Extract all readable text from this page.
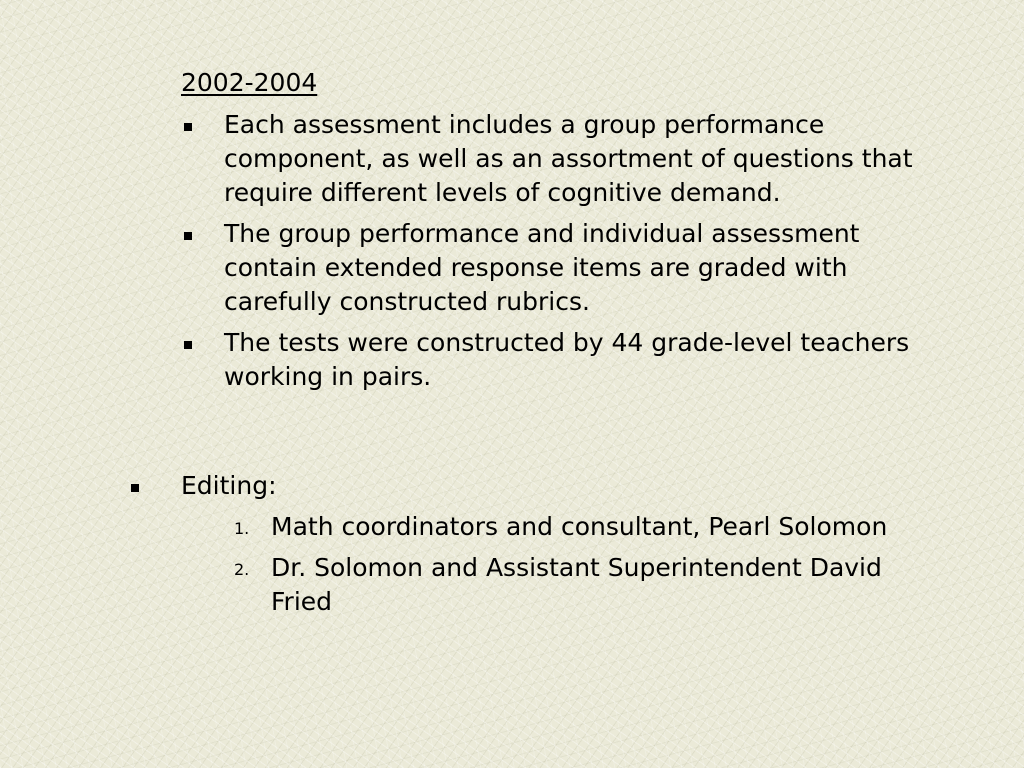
2002-2004
Each assessment includes a group performance component, as well as an assortment of questions that require different levels of cognitive demand.
The group performance and individual assessment contain extended response items are graded with carefully constructed rubrics.
The tests were constructed by 44 grade-level teachers working in pairs.
Editing:
1. Math coordinators and consultant, Pearl Solomon
2. Dr. Solomon and Assistant Superintendent David Fried
